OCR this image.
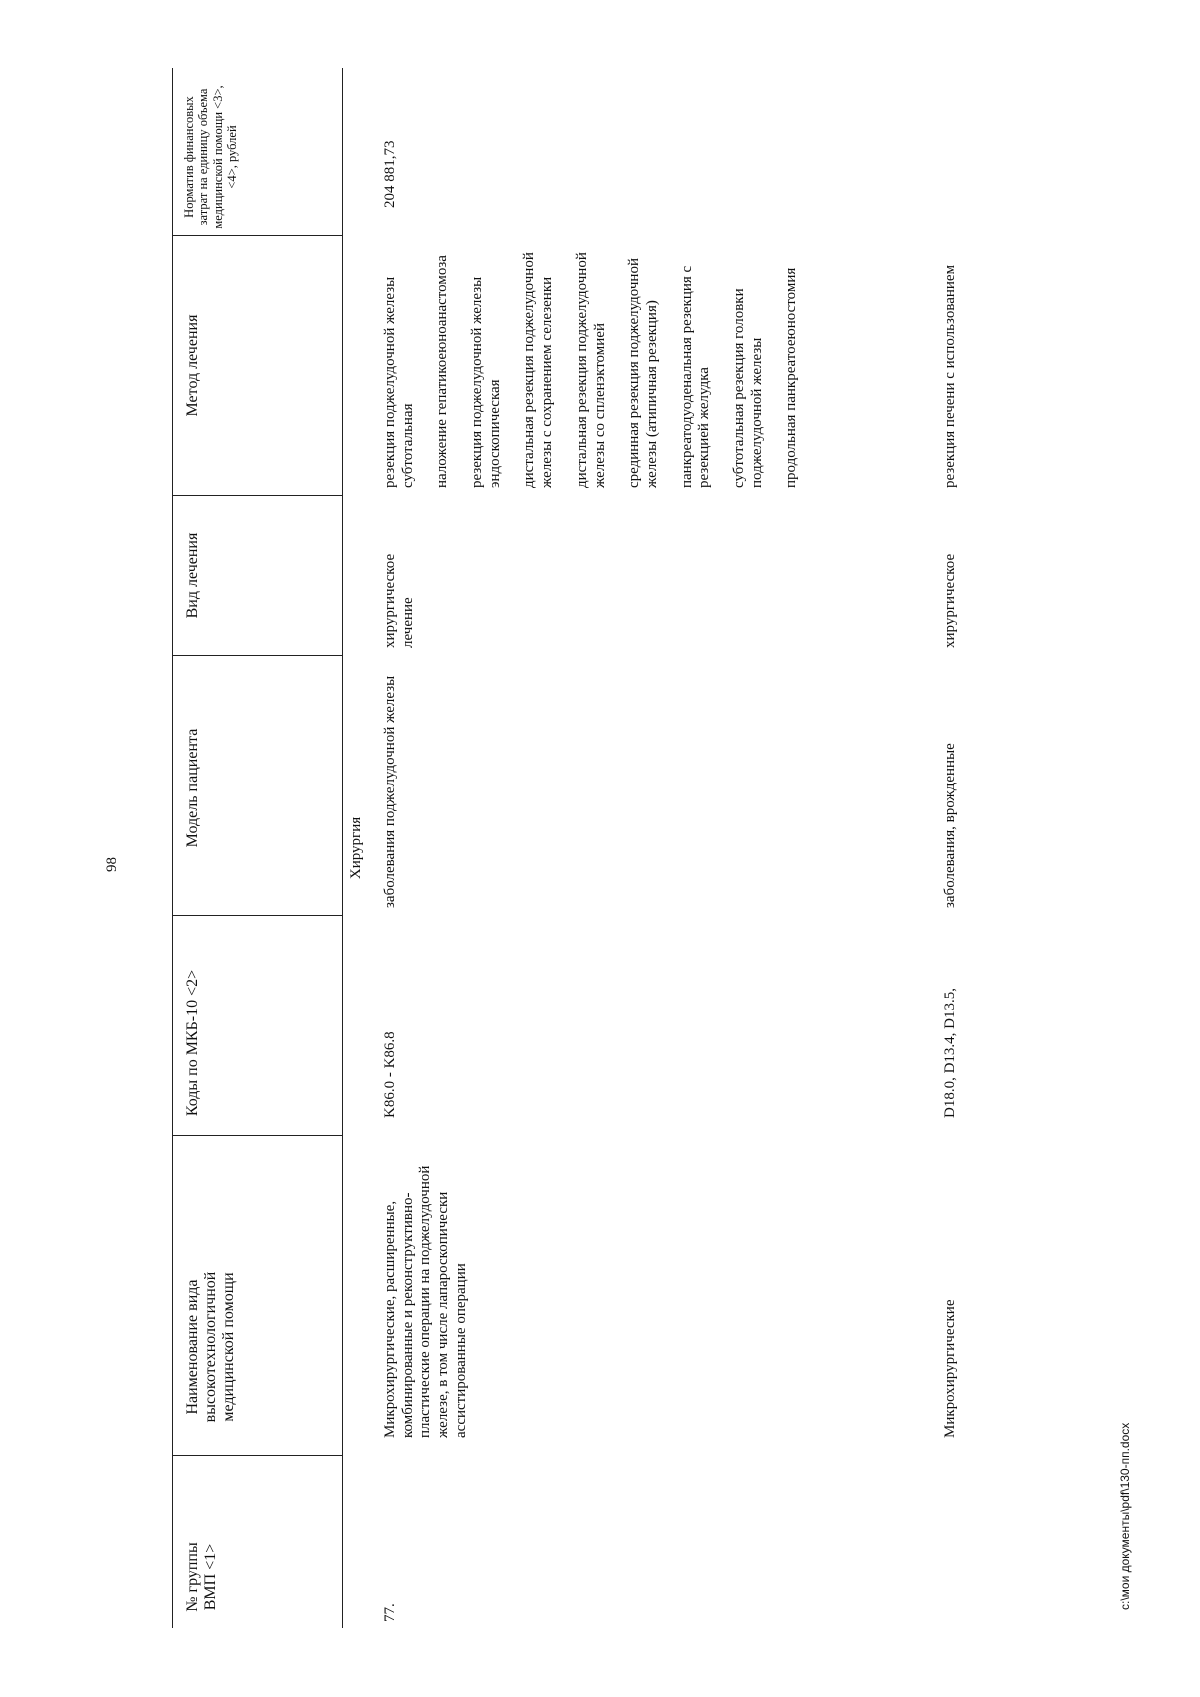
98
c:\мои документы\pdf\130-пп.docx
№ группы ВМП <1>
Наименование вида высокотехнологичной медицинской помощи
Коды по МКБ-10 <2>
Модель пациента
Вид лечения
Метод лечения
Норматив финансовых затрат на единицу объема медицинской помощи <3>, <4>, рублей
Хирургия
77.
Микрохирургические, расширенные, комбинированные и реконструктивно-пластические операции на поджелудочной железе, в том числе лапароскопически ассистированные операции
K86.0 - K86.8
заболевания поджелудочной железы
хирургическое лечение
резекция поджелудочной железы субтотальная наложение гепатикоеюноанастомоза резекция поджелудочной железы эндоскопическая дистальная резекция поджелудочной железы с сохранением селезенки дистальная резекция поджелудочной железы со спленэктомией срединная резекция поджелудочной железы (атипичная резекция) панкреатодуоденальная резекция с резекцией желудка субтотальная резекция головки поджелудочной железы продольная панкреатоеюностомия
204 881,73
Микрохирургические
D18.0, D13.4, D13.5,
заболевания, врожденные
хирургическое
резекция печени с использованием
